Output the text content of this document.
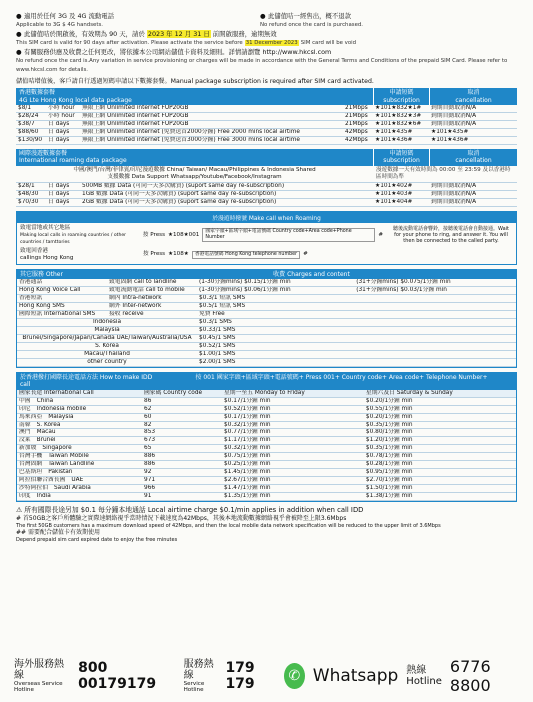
● 適用於任何 3G 及 4G 流動電話
Applicable to 3G $ 4G handsets.
● 此儲值咭一經售出，概不退款
No refund once the card is purchased.
● 此儲值咭於開啟後，有效期為 90 天，請於 2023 年 12 月 31 日 前開啟服務，逾期無效
This SIM card is valid for 90 days after activation. Please activate the service before 31 December 2023 SIM card will be void
● 有關服務供應及收費之任何更改，將依據本公司網站儲值卡資料及細則。詳情請瀏覽 http://www.hkcsl.com
No refund once the card is.Any variation in service provisioning or charges will be made in accordance with the General Terms and Conditions of the prepaid SIM Card. Please refer to www.hkcsl.com for details.
儲值咭增值後，客戶請自行透過短碼申請以下數據套餐。Manual package subscription is required after SIM card activated.
香港數據套餐
4G Lte Hong Kong local data package
申請短碼
subscription
取消
cancellation
$8/1	小時 hour	無限上網 Unlimited internet FUP20GB	21Mbps	★101★832★1#	到期自動取消N/A
$28/24	小時 hour	無限上網 Unlimited internet FUP20GB	21Mbps	★101★832★3#	到期自動取消N/A
$38/7	日 days	無限上網 Unlimited internet FUP20GB	21Mbps	★101★832★6#	到期自動取消N/A
$88/60	日 days	無限上網 Unlimited internet (免費送首2000分鐘) Free 2000 mins local airtime	42Mbps	★101★435#	★101★435#
$130/90	日 days	無限上網 Unlimited internet (免費送首3000分鐘) Free 3000 mins local airtime	42Mbps	★101★436#	★101★436#
國際漫遊數據套餐
International roaming data package
申請短碼
subscription
取消
cancellation
中國/澳門/台灣/菲律賓/印尼漫遊數據 China/ Taiwan/ Macau/Philippines & Indonesia Shared
支援數據 Data Support Whatsapp/Youtube/Facebook/Instagram
漫遊數據一天有效時間為 00:00 至 23:59 及以香港時區時間為準
$28/1	日 days	500MB 數據 Data (可同一天多次購買) (suport same day re-subscription)	★101★402#	到期自動取消N/A
$48/30	日 days	1GB 數據 Data (可同一天多次購買) (suport same day re-subscription)	★101★403#	到期自動取消N/A
$70/30	日 days	2GB 數據 Data (可同一天多次購買) (suport same day re-subscription)	★101★404#	到期自動取消N/A
於漫遊時撥號 Make call when Roaming
致電當地或其它地區
Making local calls in roaming countries / other countries / tamttories
按 Press ★108★001	國家字頭+區域字頭+電話號碼 Country code+Area code+Phone Number	#
致電回香港
callings Hong Kong
按 Press ★108★	香港電話號碼 Hong Kong telephone number	#
聽後流動電話會響鈴，接聽後電話會自動接通。Wait for your phone to ring, and answer it. You will then be connected to the called party.
其它服務 Other	收費 Charges and content
香港通話	致電固網 call to landline	(1-30分鐘mins) $0.15/1分鐘 min	(31+分鐘mins) $0.075/1分鐘 min
Hong Kong Voice Call	致電流動電話 call to mobile	(1-30分鐘mins) $0.06/1分鐘 min	(31+分鐘mins) $0.03/1分鐘 min
香港短訊	網內 Intra-network	$0.3/1 短訊 SMS	
Hong Kong SMS	網外 Inter-network	$0.5/1 短訊 SMS	
國際短訊 International SMS	接收 receive	免費 Free	
Indonesia	$0.3/1 SMS
Malaysia	$0.33/1 SMS
Brunei/Singapore/Japan/Canada UAE/Taiwan/Australia/USA	$0.45/1 SMS
S. Korea	$0.52/1 SMS
Macau/Thailand	$1.00/1 SMS
other country	$2.00/1 SMS
於香港撥打國際長途電話方法 How to make IDD call
按 001 國家字頭+區域字頭+電話號碼+ Press 001+ Country code+ Area code+ Telephone Number+
國家長途 International Call	國家碼 Country code	星期一至五 Monday to Friday	星期六及日 Saturday & Sunday
中國 China	86	$0.17/1分鐘 min	$0.20/1分鐘 min
印尼 Indonesia mobile	62	$0.52/1分鐘 min	$0.55/1分鐘 min
馬來西亞 Malaysia	60	$0.17/1分鐘 min	$0.20/1分鐘 min
南韓 S. Korea	82	$0.32/1分鐘 min	$0.35/1分鐘 min
澳門 Macau	853	$0.77/1分鐘 min	$0.80/1分鐘 min
汶萊 Brunei	673	$1.17/1分鐘 min	$1.20/1分鐘 min
新加坡 Singapore	65	$0.32/1分鐘 min	$0.35/1分鐘 min
台灣手機 Taiwan Mobile	886	$0.75/1分鐘 min	$0.78/1分鐘 min
台灣固網 Taiwan Landline	886	$0.25/1分鐘 min	$0.28/1分鐘 min
巴基斯坦 Pakistan	92	$1.45/1分鐘 min	$0.95/1分鐘 min
阿拉伯聯合酋長國 UAE	971	$2.67/1分鐘 min	$2.70/1分鐘 min
沙特阿拉伯 Saudi Arabia	966	$1.47/1分鐘 min	$1.50/1分鐘 min
印度 India	91	$1.35/1分鐘 min	$1.38/1分鐘 min
⚠ 所有國際長途另加 $0.1 每分鐘本地通話 Local airtime charge $0.1/min applies in addition when call IDD
# 首50GB之客戶所體驗之實際速網絡視乎當時情況下載速度為42Mbps，其後本地流動數據網絡視乎會被降至上限3.6Mbps
The first 50GB customers has a maximum download speed of 42Mbps, and then the local mobile data network specification will be reduced to the upper limit of 3.6Mbps
## 需要配合儲值卡有效期使用
Depend prepaid sim card expired date to enjoy the free minutes
海外服務熱線
Overseas Service Hotline
800 00179179
服務熱線
Service Hotline
179 179	✆ Whatsapp 熱線
Hotline
6776 8800
